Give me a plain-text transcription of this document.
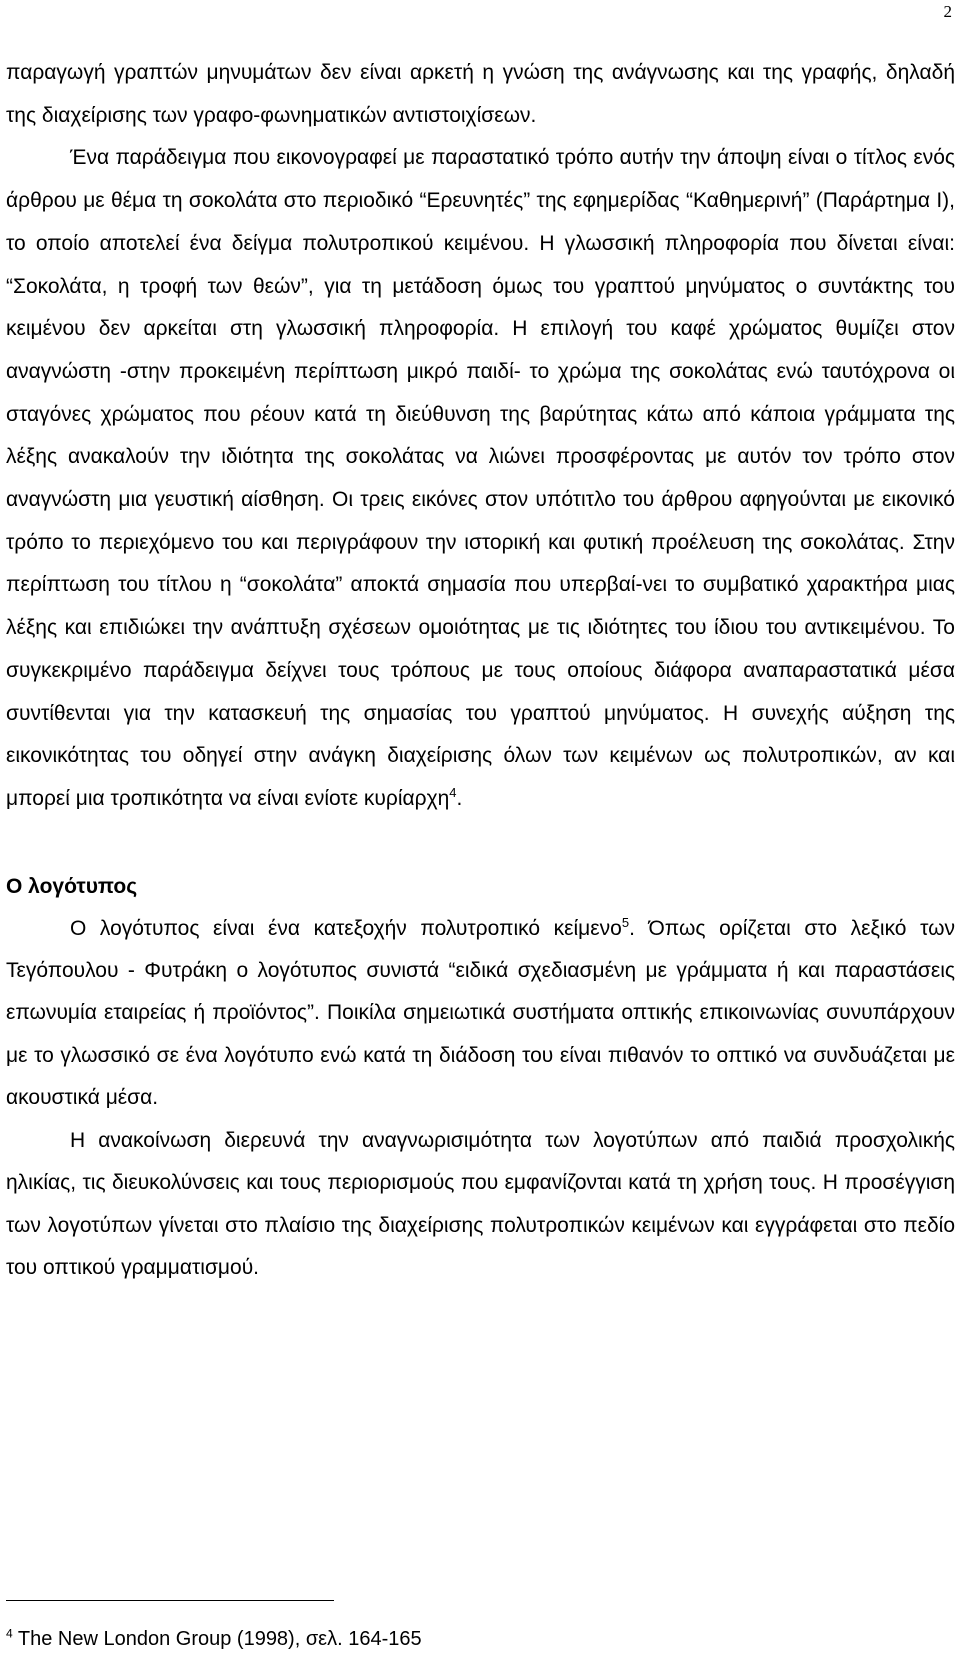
2

παραγωγή γραπτών μηνυμάτων δεν είναι αρκετή η γνώση της ανάγνωσης και της γραφής, δηλαδή της διαχείρισης των γραφο-φωνηματικών αντιστοιχίσεων.

Ένα παράδειγμα που εικονογραφεί με παραστατικό τρόπο αυτήν την άποψη είναι ο τίτλος ενός άρθρου με θέμα τη σοκολάτα στο περιοδικό “Ερευνητές” της εφημερίδας “Καθημερινή” (Παράρτημα Ι), το οποίο αποτελεί ένα δείγμα πολυτροπικού κειμένου. Η γλωσσική πληροφορία που δίνεται είναι: “Σοκολάτα, η τροφή των θεών”, για τη μετάδοση όμως του γραπτού μηνύματος ο συντάκτης του κειμένου δεν αρκείται στη γλωσσική πληροφορία. Η επιλογή του καφέ χρώματος θυμίζει στον αναγνώστη -στην προκειμένη περίπτωση μικρό παιδί- το χρώμα της σοκολάτας ενώ ταυτόχρονα οι σταγόνες χρώματος που ρέουν κατά τη διεύθυνση της βαρύτητας κάτω από κάποια γράμματα της λέξης ανακαλούν την ιδιότητα της σοκολάτας να λιώνει προσφέροντας με αυτόν τον τρόπο στον αναγνώστη μια γευστική αίσθηση. Οι τρεις εικόνες στον υπότιτλο του άρθρου αφηγούνται με εικονικό τρόπο το περιεχόμενο του και περιγράφουν την ιστορική και φυτική προέλευση της σοκολάτας. Στην περίπτωση του τίτλου η “σοκολάτα” αποκτά σημασία που υπερβαί-νει το συμβατικό χαρακτήρα μιας λέξης και επιδιώκει την ανάπτυξη σχέσεων ομοιότητας με τις ιδιότητες του ίδιου του αντικειμένου. Το συγκεκριμένο παράδειγμα δείχνει τους τρόπους με τους οποίους διάφορα αναπαραστατικά μέσα συντίθενται για την κατασκευή της σημασίας του γραπτού μηνύματος. Η συνεχής αύξηση της εικονικότητας του οδηγεί στην ανάγκη διαχείρισης όλων των κειμένων ως πολυτροπικών, αν και μπορεί μια τροπικότητα να είναι ενίοτε κυρίαρχη$^4$.

Ο λογότυπος

Ο λογότυπος είναι ένα κατεξοχήν πολυτροπικό κείμενο$^5$. Όπως ορίζεται στο λεξικό των Τεγόπουλου - Φυτράκη ο λογότυπος συνιστά “ειδικά σχεδιασμένη με γράμματα ή και παραστάσεις επωνυμία εταιρείας ή προϊόντος”. Ποικίλα σημειωτικά συστήματα οπτικής επικοινωνίας συνυπάρχουν με το γλωσσικό σε ένα λογότυπο ενώ κατά τη διάδοση του είναι πιθανόν το οπτικό να συνδυάζεται με ακουστικά μέσα.

Η ανακοίνωση διερευνά την αναγνωρισιμότητα των λογοτύπων από παιδιά προσχολικής ηλικίας, τις διευκολύνσεις και τους περιορισμούς που εμφανίζονται κατά τη χρήση τους. Η προσέγγιση των λογοτύπων γίνεται στο πλαίσιο της διαχείρισης πολυτροπικών κειμένων και εγγράφεται στο πεδίο του οπτικού γραμματισμού.

$^4$ The New London Group (1998), σελ. 164-165
